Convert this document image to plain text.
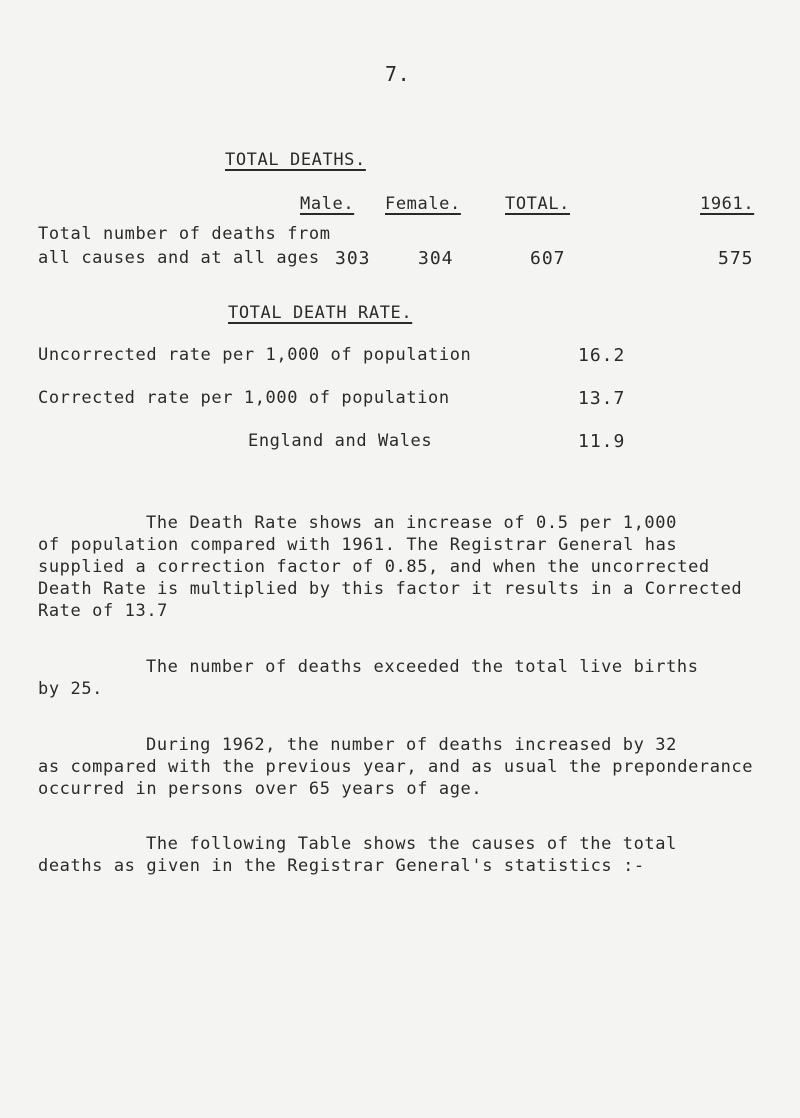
7.
TOTAL DEATHS.
Male. Female.	TOTAL.	1961.
Total number of deaths from
all causes and at all ages 303	304	607	575
TOTAL DEATH RATE.
Uncorrected rate per 1,000 of population	16.2
Corrected rate per 1,000 of population	13.7
England and Wales	11.9
The Death Rate shows an increase of 0.5 per 1,000
of population compared with 1961. The Registrar General has
supplied a correction factor of 0.85, and when the uncorrected
Death Rate is multiplied by this factor it results in a Corrected
Rate of 13.7
The number of deaths exceeded the total live births
by 25.
During 1962, the number of deaths increased by 32
as compared with the previous year, and as usual the preponderance
occurred in persons over 65 years of age.
The following Table shows the causes of the total
deaths as given in the Registrar General's statistics :-
